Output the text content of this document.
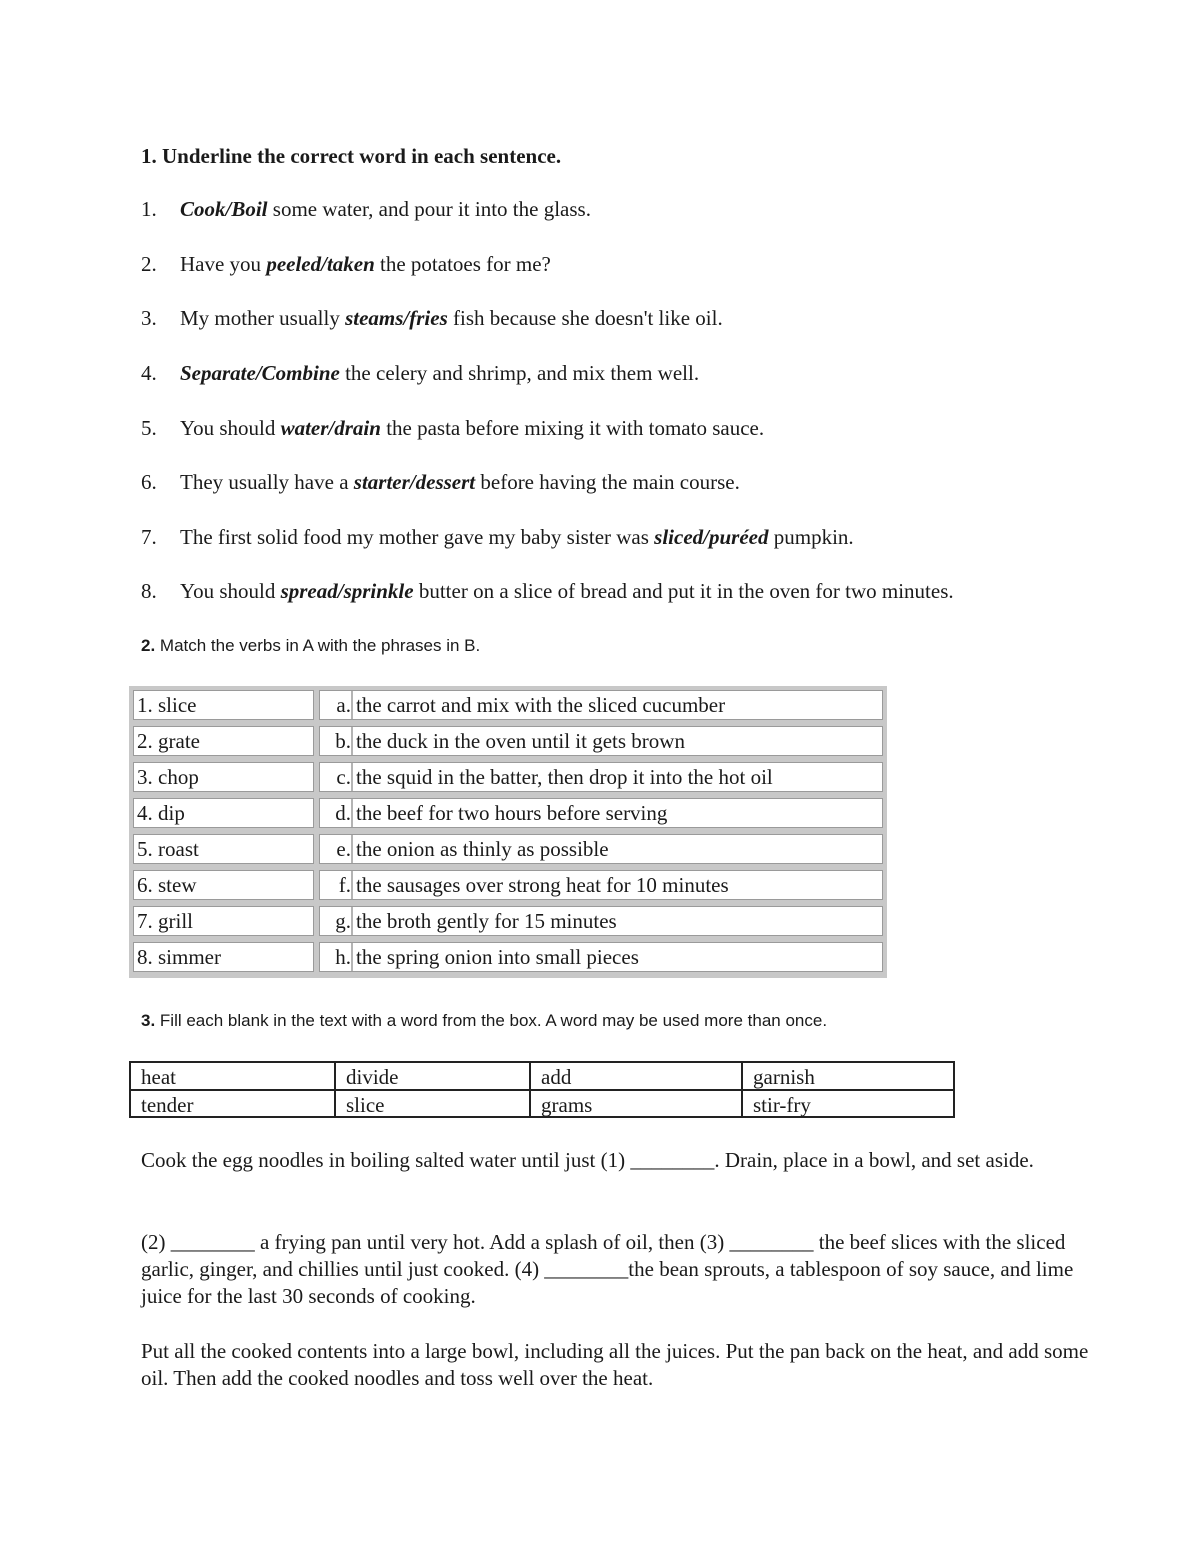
1. Underline the correct word in each sentence.
1. Cook/Boil some water, and pour it into the glass.
2. Have you peeled/taken the potatoes for me?
3. My mother usually steams/fries fish because she doesn't like oil.
4. Separate/Combine the celery and shrimp, and mix them well.
5. You should water/drain the pasta before mixing it with tomato sauce.
6. They usually have a starter/dessert before having the main course.
7. The first solid food my mother gave my baby sister was sliced/puréed pumpkin.
8. You should spread/sprinkle butter on a slice of bread and put it in the oven for two minutes.
2. Match the verbs in A with the phrases in B.
1. slice	a. the carrot and mix with the sliced cucumber
2. grate	b. the duck in the oven until it gets brown
3. chop	c. the squid in the batter, then drop it into the hot oil
4. dip	d. the beef for two hours before serving
5. roast	e. the onion as thinly as possible
6. stew	f. the sausages over strong heat for 10 minutes
7. grill	g. the broth gently for 15 minutes
8. simmer	h. the spring onion into small pieces
3. Fill each blank in the text with a word from the box. A word may be used more than once.
heat	divide	add	garnish
tender	slice	grams	stir-fry
Cook the egg noodles in boiling salted water until just (1) ________. Drain, place in a bowl, and set aside.
(2) ________ a frying pan until very hot. Add a splash of oil, then (3) ________ the beef slices with the sliced garlic, ginger, and chillies until just cooked. (4) ________the bean sprouts, a tablespoon of soy sauce, and lime juice for the last 30 seconds of cooking.
Put all the cooked contents into a large bowl, including all the juices. Put the pan back on the heat, and add some oil. Then add the cooked noodles and toss well over the heat.
